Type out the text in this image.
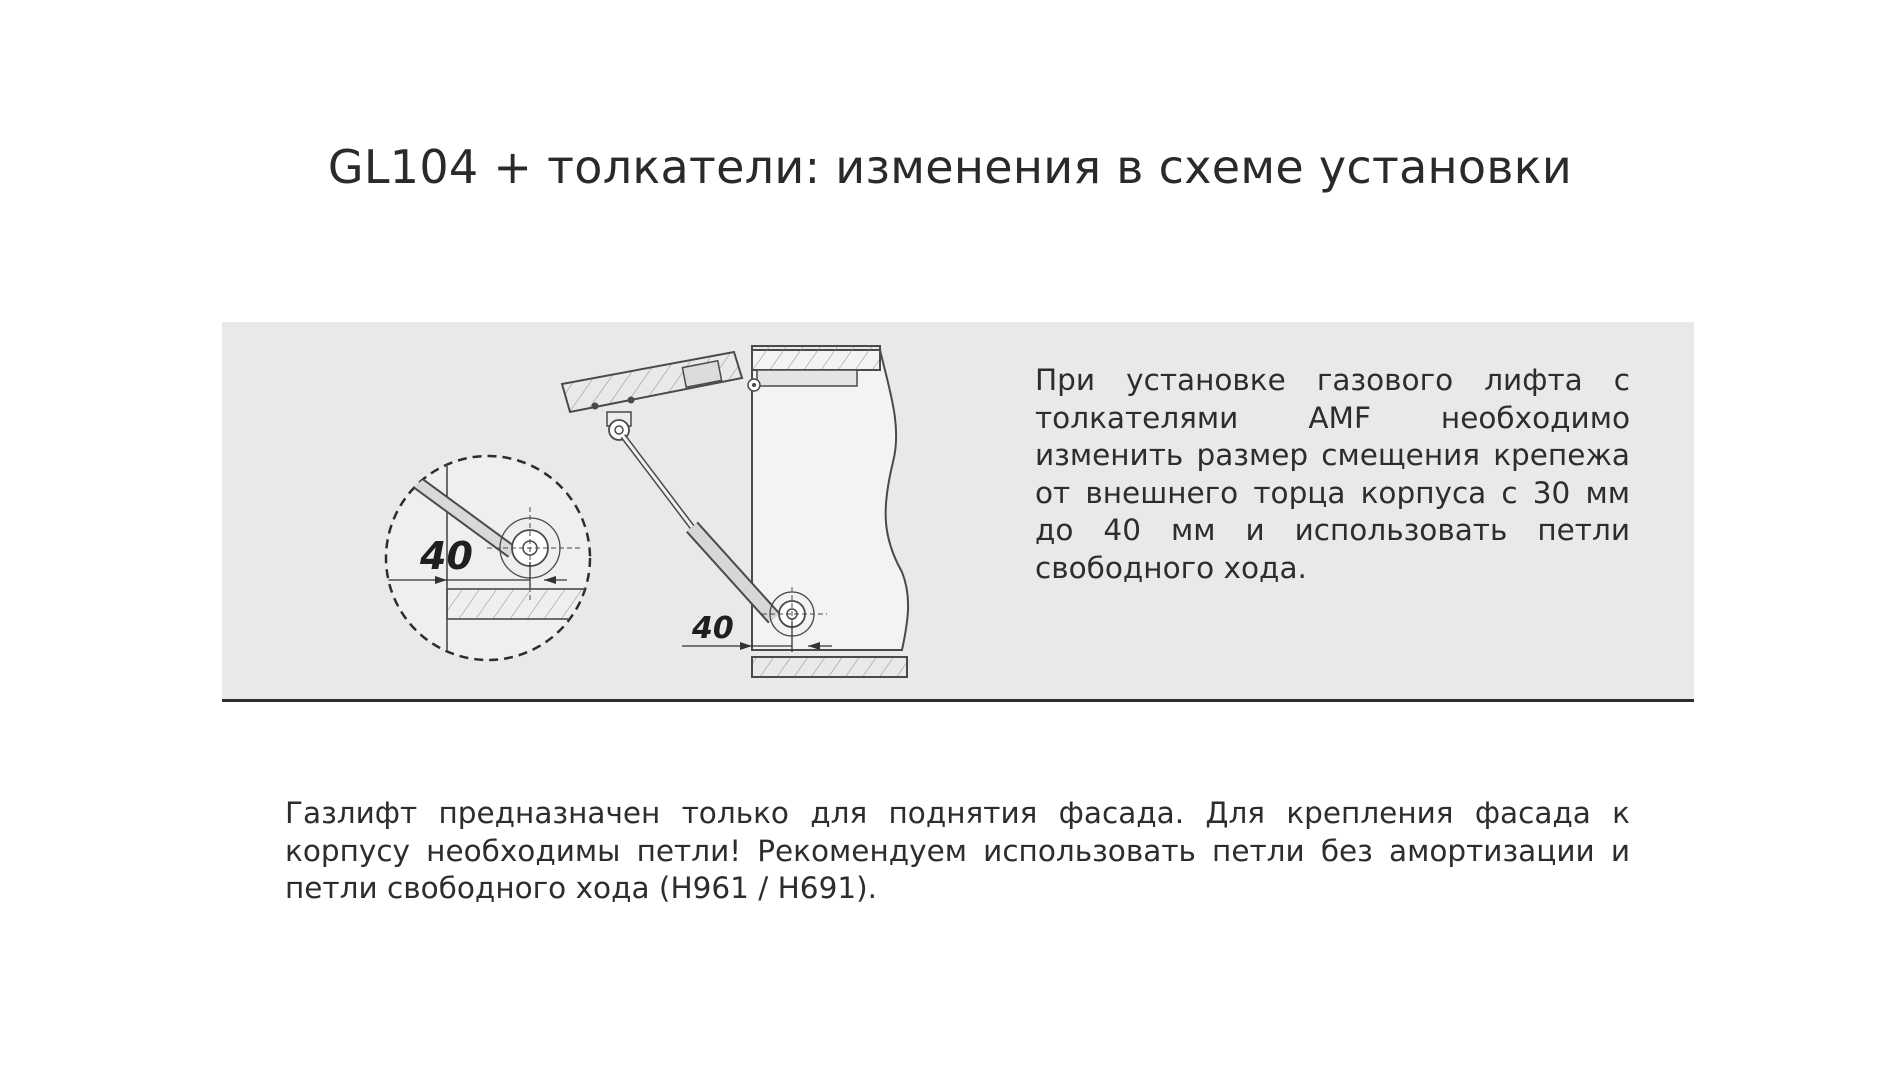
GL104 + толкатели: изменения в схеме установки
40
40

При установке газового лифта с толкателями AMF необходимо изменить размер смещения крепежа от внешнего торца корпуса с 30 мм до 40 мм и использовать петли свободного хода.

Газлифт предназначен только для поднятия фасада. Для крепления фасада к корпусу необходимы петли! Рекомендуем использовать петли без амортизации и петли свободного хода (H961 / H691).
